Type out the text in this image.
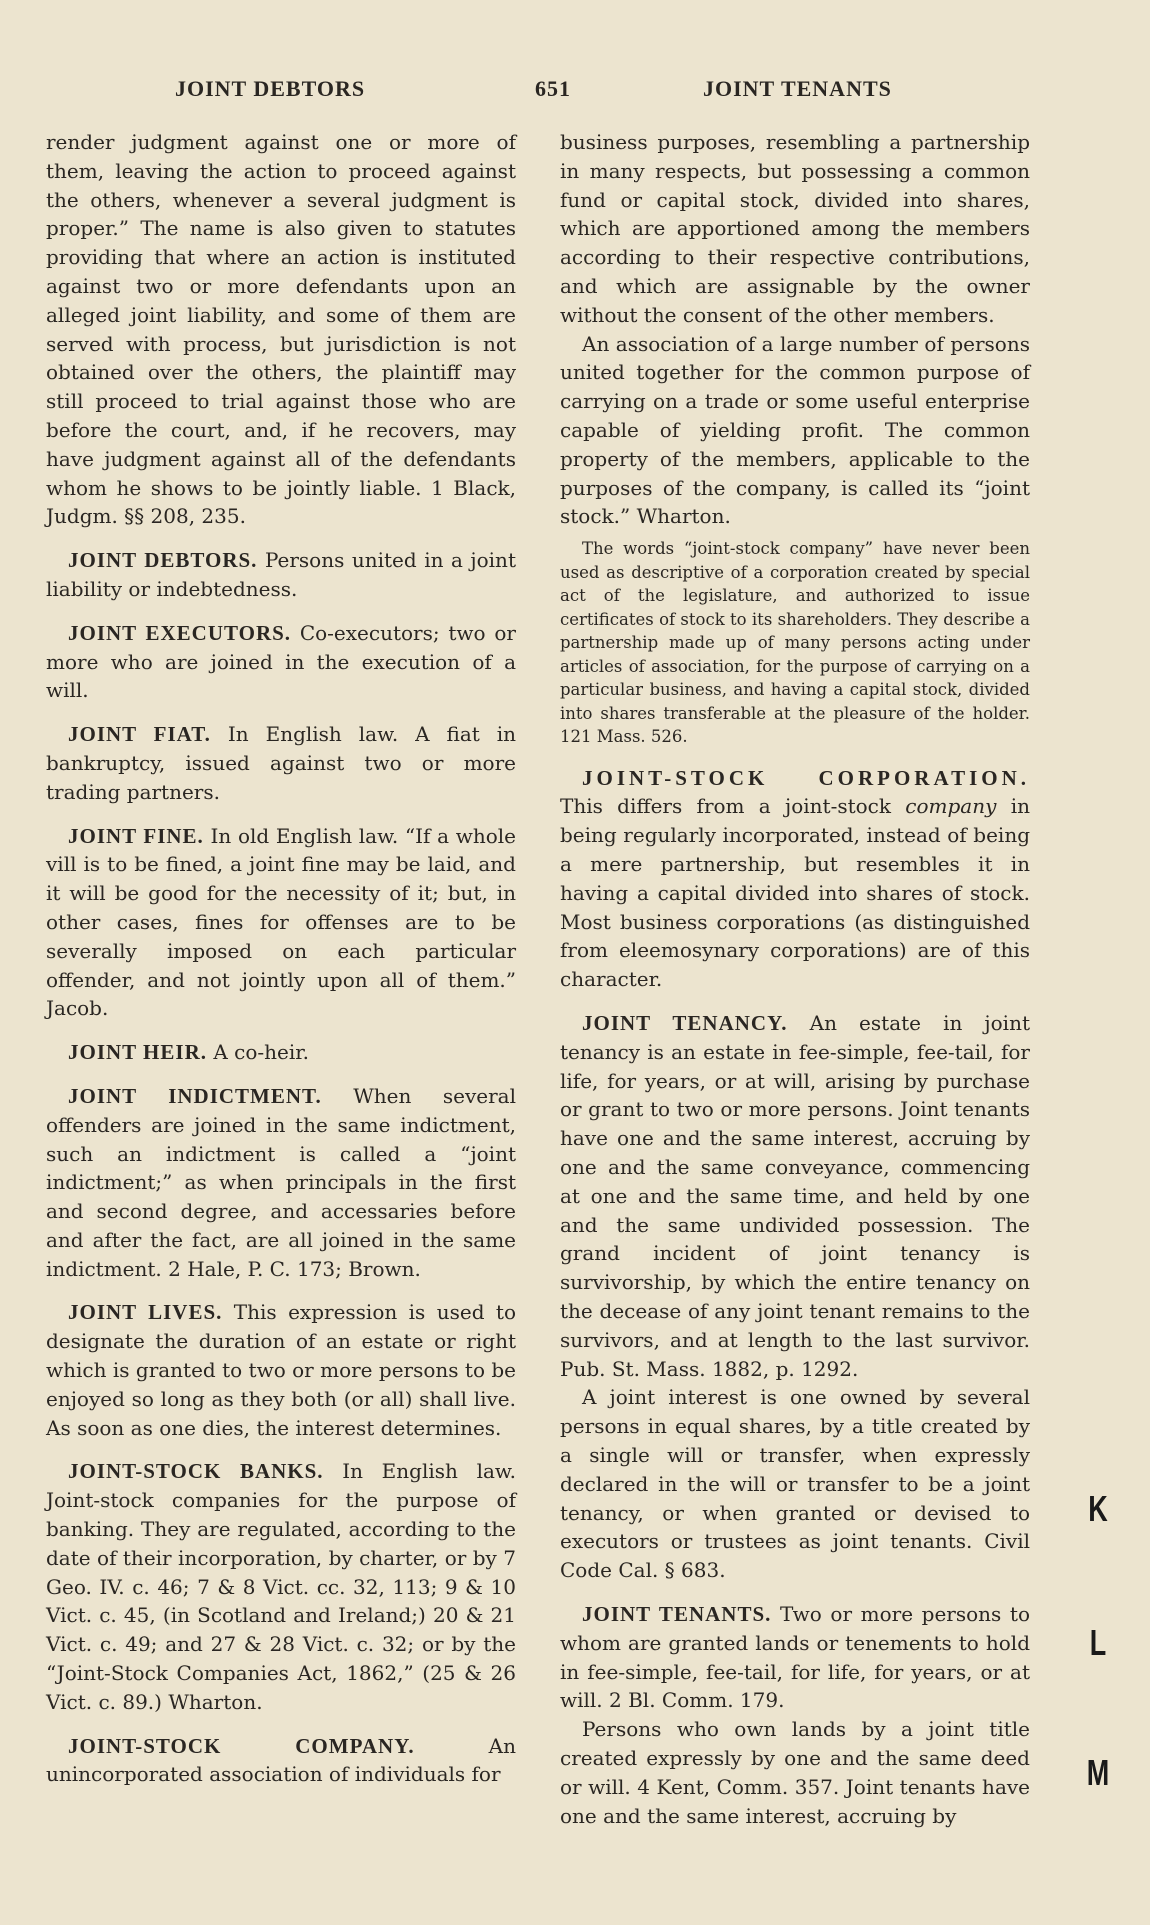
JOINT DEBTORS	651	JOINT TENANTS

render judgment against one or more of them, leaving the action to proceed against the others, whenever a several judgment is proper.” The name is also given to statutes providing that where an action is instituted against two or more defendants upon an alleged joint liability, and some of them are served with process, but jurisdiction is not obtained over the others, the plaintiff may still proceed to trial against those who are before the court, and, if he recovers, may have judgment against all of the defendants whom he shows to be jointly liable. 1 Black, Judgm. §§ 208, 235.

JOINT DEBTORS. Persons united in a joint liability or indebtedness.

JOINT EXECUTORS. Co-executors; two or more who are joined in the execution of a will.

JOINT FIAT. In English law. A fiat in bankruptcy, issued against two or more trading partners.

JOINT FINE. In old English law. “If a whole vill is to be fined, a joint fine may be laid, and it will be good for the necessity of it; but, in other cases, fines for offenses are to be severally imposed on each particular offender, and not jointly upon all of them.” Jacob.

JOINT HEIR. A co-heir.

JOINT INDICTMENT. When several offenders are joined in the same indictment, such an indictment is called a “joint indictment;” as when principals in the first and second degree, and accessaries before and after the fact, are all joined in the same indictment. 2 Hale, P. C. 173; Brown.

JOINT LIVES. This expression is used to designate the duration of an estate or right which is granted to two or more persons to be enjoyed so long as they both (or all) shall live. As soon as one dies, the interest determines.

JOINT-STOCK BANKS. In English law. Joint-stock companies for the purpose of banking. They are regulated, according to the date of their incorporation, by charter, or by 7 Geo. IV. c. 46; 7 & 8 Vict. cc. 32, 113; 9 & 10 Vict. c. 45, (in Scotland and Ireland;) 20 & 21 Vict. c. 49; and 27 & 28 Vict. c. 32; or by the “Joint-Stock Companies Act, 1862,” (25 & 26 Vict. c. 89.) Wharton.

JOINT-STOCK COMPANY. An unincorporated association of individuals for

business purposes, resembling a partnership in many respects, but possessing a common fund or capital stock, divided into shares, which are apportioned among the members according to their respective contributions, and which are assignable by the owner without the consent of the other members.

An association of a large number of persons united together for the common purpose of carrying on a trade or some useful enterprise capable of yielding profit. The common property of the members, applicable to the purposes of the company, is called its “joint stock.” Wharton.

The words “joint-stock company” have never been used as descriptive of a corporation created by special act of the legislature, and authorized to issue certificates of stock to its shareholders. They describe a partnership made up of many persons acting under articles of association, for the purpose of carrying on a particular business, and having a capital stock, divided into shares transferable at the pleasure of the holder. 121 Mass. 526.

JOINT-STOCK CORPORATION. This differs from a joint-stock company in being regularly incorporated, instead of being a mere partnership, but resembles it in having a capital divided into shares of stock. Most business corporations (as distinguished from eleemosynary corporations) are of this character.

JOINT TENANCY. An estate in joint tenancy is an estate in fee-simple, fee-tail, for life, for years, or at will, arising by purchase or grant to two or more persons. Joint tenants have one and the same interest, accruing by one and the same conveyance, commencing at one and the same time, and held by one and the same undivided possession. The grand incident of joint tenancy is survivorship, by which the entire tenancy on the decease of any joint tenant remains to the survivors, and at length to the last survivor. Pub. St. Mass. 1882, p. 1292.

A joint interest is one owned by several persons in equal shares, by a title created by a single will or transfer, when expressly declared in the will or transfer to be a joint tenancy, or when granted or devised to executors or trustees as joint tenants. Civil Code Cal. § 683.

JOINT TENANTS. Two or more persons to whom are granted lands or tenements to hold in fee-simple, fee-tail, for life, for years, or at will. 2 Bl. Comm. 179.

Persons who own lands by a joint title created expressly by one and the same deed or will. 4 Kent, Comm. 357. Joint tenants have one and the same interest, accruing by

K
L
M
